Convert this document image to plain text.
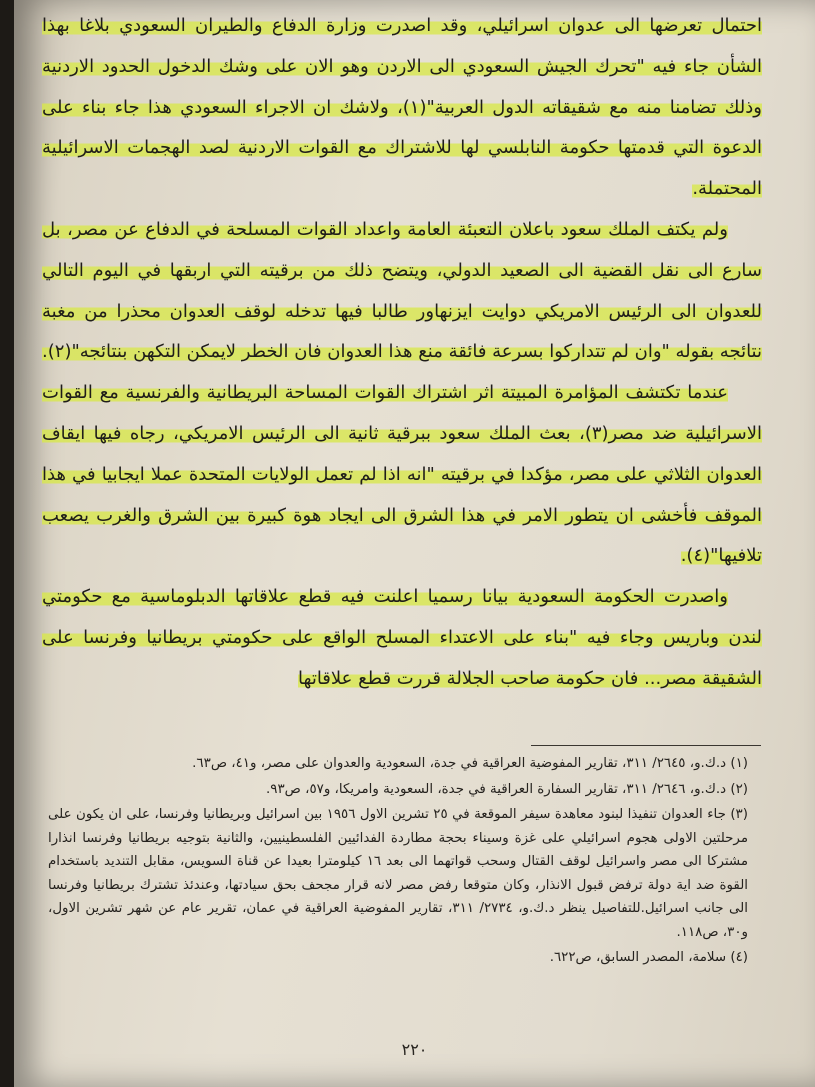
احتمال تعرضها الى عدوان اسرائيلي، وقد اصدرت وزارة الدفاع والطيران السعودي بلاغا بهذا الشأن جاء فيه "تحرك الجيش السعودي الى الاردن وهو الان على وشك الدخول الحدود الاردنية وذلك تضامنا منه مع شقيقاته الدول العربية"(١)، ولاشك ان الاجراء السعودي هذا جاء بناء على الدعوة التي قدمتها حكومة النابلسي لها للاشتراك مع القوات الاردنية لصد الهجمات الاسرائيلية المحتملة.

ولم يكتف الملك سعود باعلان التعبئة العامة واعداد القوات المسلحة في الدفاع عن مصر، بل سارع الى نقل القضية الى الصعيد الدولي، ويتضح ذلك من برقيته التي اربقها في اليوم التالي للعدوان الى الرئيس الامريكي دوايت ايزنهاور طالبا فيها تدخله لوقف العدوان محذرا من مغبة نتائجه بقوله "وان لم تتداركوا بسرعة فائقة منع هذا العدوان فان الخطر لايمكن التكهن بنتائجه"(٢).

عندما تكتشف المؤامرة المبيتة اثر اشتراك القوات المساحة البريطانية والفرنسية مع القوات الاسرائيلية ضد مصر(٣)، بعث الملك سعود ببرقية ثانية الى الرئيس الامريكي، رجاه فيها ايقاف العدوان الثلاثي على مصر، مؤكدا في برقيته "انه اذا لم تعمل الولايات المتحدة عملا ايجابيا في هذا الموقف فأخشى ان يتطور الامر في هذا الشرق الى ايجاد هوة كبيرة بين الشرق والغرب يصعب تلافيها"(٤).

واصدرت الحكومة السعودية بيانا رسميا اعلنت فيه قطع علاقاتها الدبلوماسية مع حكومتي لندن وباريس وجاء فيه "بناء على الاعتداء المسلح الواقع على حكومتي بريطانيا وفرنسا على الشقيقة مصر... فان حكومة صاحب الجلالة قررت قطع علاقاتها

(١) د.ك.و، ٢٦٤٥/ ٣١١، تقارير المفوضية العراقية في جدة، السعودية والعدوان على مصر، و٤١، ص٦٣.

(٢) د.ك.و، ٢٦٤٦/ ٣١١، تقارير السفارة العراقية في جدة، السعودية وامريكا، و٥٧، ص٩٣.

(٣) جاء العدوان تنفيذا لبنود معاهدة سيفر الموقعة في ٢٥ تشرين الاول ١٩٥٦ بين اسرائيل وبريطانيا وفرنسا، على ان يكون على مرحلتين الاولى هجوم اسرائيلي على غزة وسيناء بحجة مطاردة الفدائيين الفلسطينيين، والثانية بتوجيه بريطانيا وفرنسا انذارا مشتركا الى مصر واسرائيل لوقف القتال وسحب قواتهما الى بعد ١٦ كيلومترا بعيدا عن قناة السويس، مقابل التنديد باستخدام القوة ضد اية دولة ترفض قبول الانذار، وكان متوقعا رفض مصر لانه قرار مجحف بحق سيادتها، وعندئذ تشترك بريطانيا وفرنسا الى جانب اسرائيل.للتفاصيل ينظر د.ك.و، ٢٧٣٤/ ٣١١، تقارير المفوضية العراقية في عمان، تقرير عام عن شهر تشرين الاول، و٣٠، ص١١٨.

(٤) سلامة، المصدر السابق، ص٦٢٢.

٢٢٠
